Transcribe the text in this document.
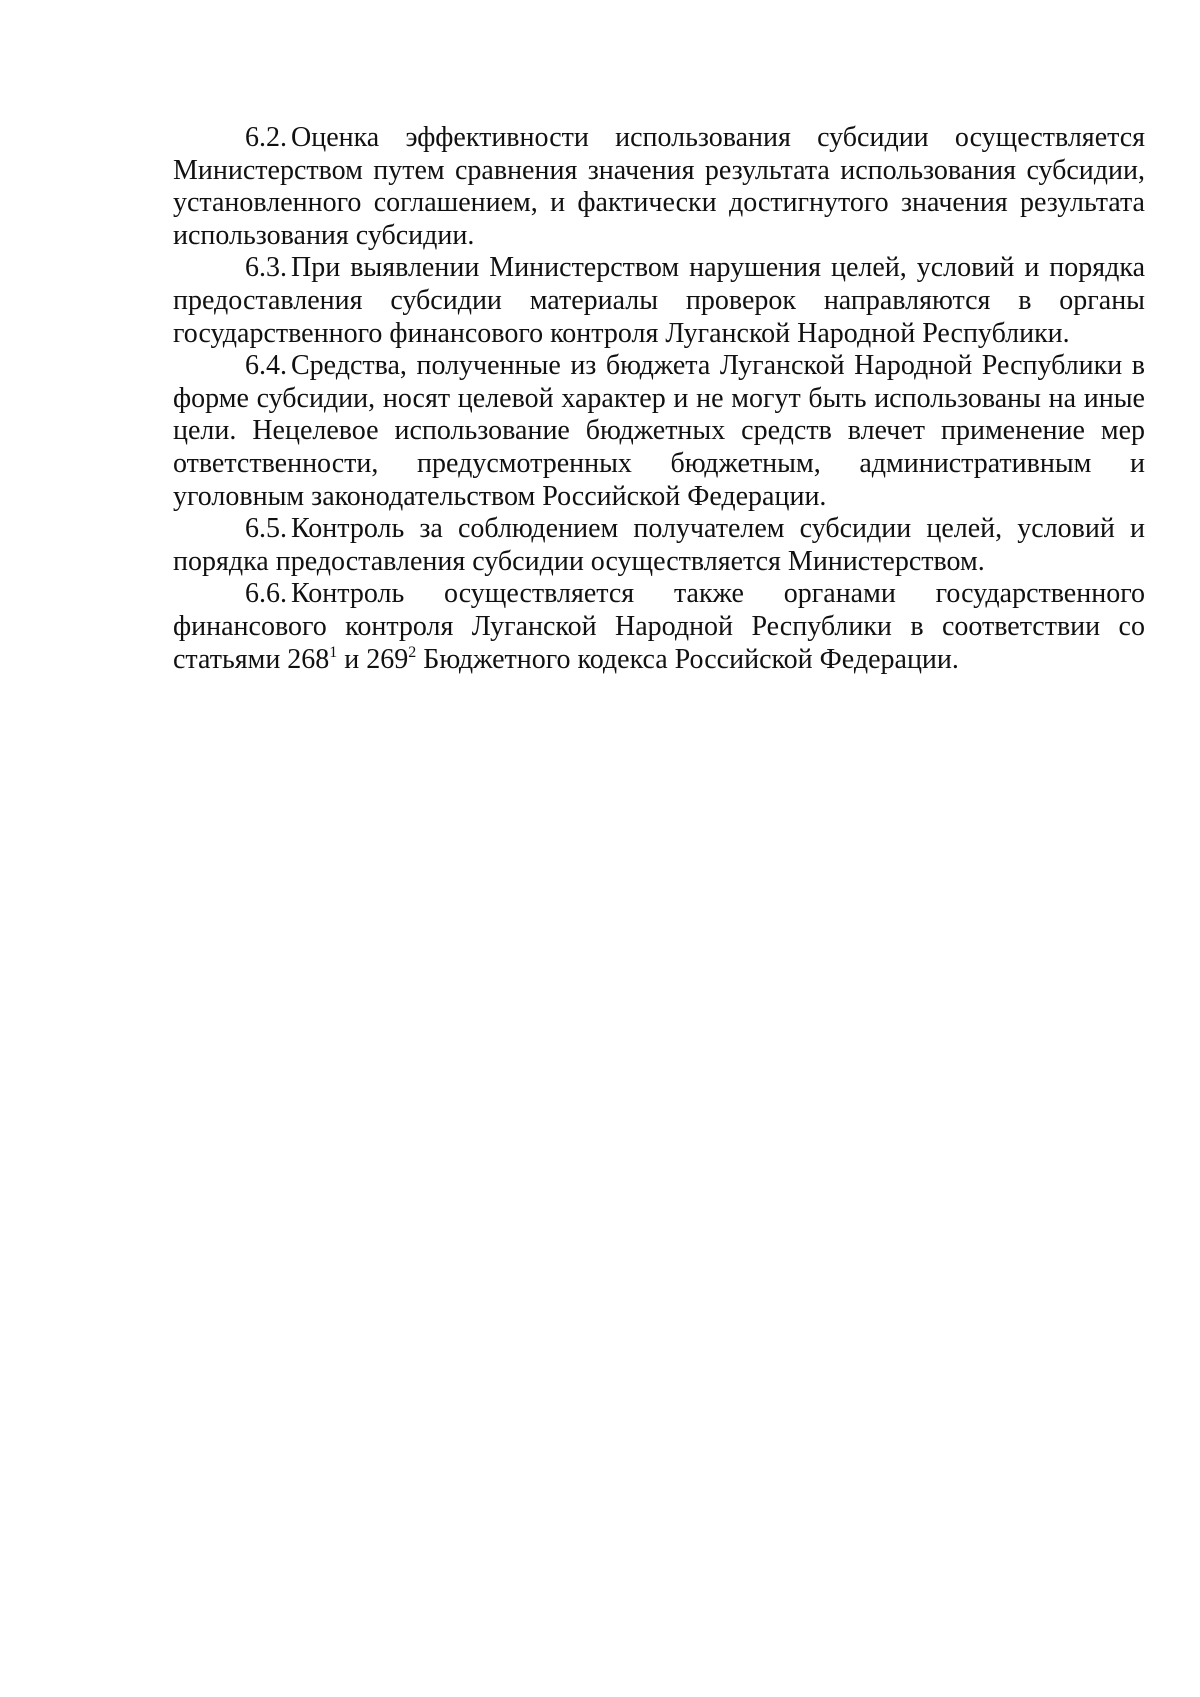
6.2. Оценка эффективности использования субсидии осуществляется Министерством путем сравнения значения результата использования субсидии, установленного соглашением, и фактически достигнутого значения результата использования субсидии.

6.3. При выявлении Министерством нарушения целей, условий и порядка предоставления субсидии материалы проверок направляются в органы государственного финансового контроля Луганской Народной Республики.

6.4. Средства, полученные из бюджета Луганской Народной Республики в форме субсидии, носят целевой характер и не могут быть использованы на иные цели. Нецелевое использование бюджетных средств влечет применение мер ответственности, предусмотренных бюджетным, административным и уголовным законодательством Российской Федерации.

6.5. Контроль за соблюдением получателем субсидии целей, условий и порядка предоставления субсидии осуществляется Министерством.

6.6. Контроль осуществляется также органами государственного финансового контроля Луганской Народной Республики в соответствии со статьями $268^1$ и $269^2$ Бюджетного кодекса Российской Федерации.
